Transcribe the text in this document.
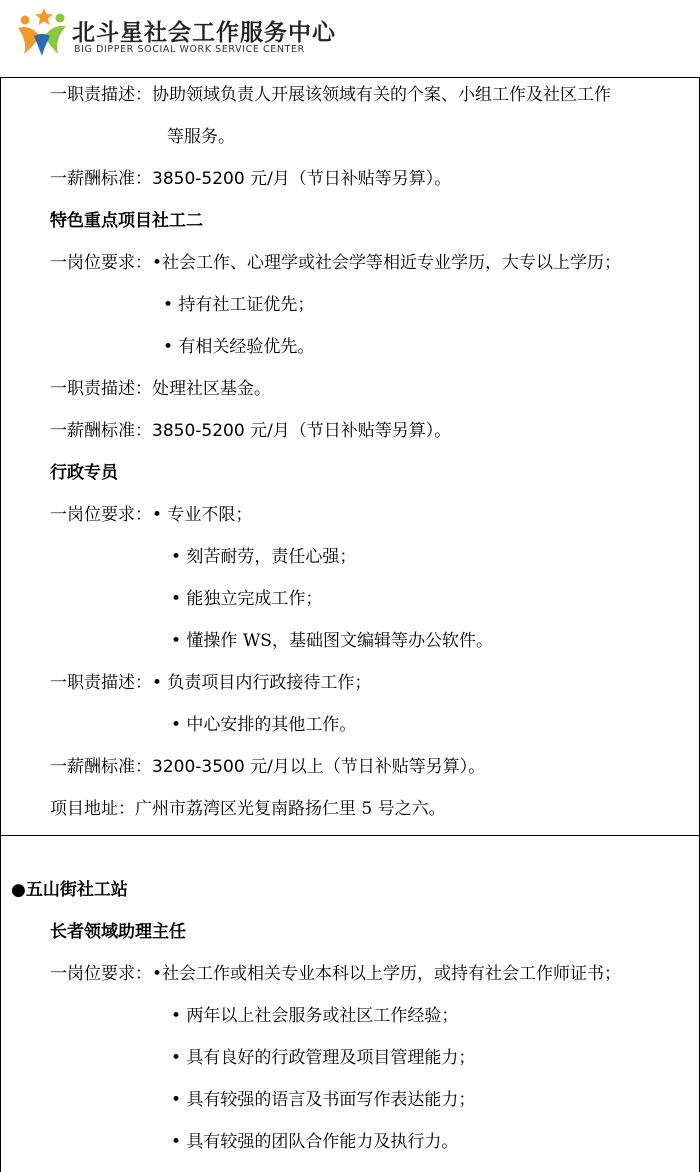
北斗星社会工作服务中心
BIG DIPPER SOCIAL WORK SERVICE CENTER
一职责描述：协助领域负责人开展该领域有关的个案、小组工作及社区工作
等服务。
一薪酬标准：3850-5200 元/月（节日补贴等另算）。
特色重点项目社工二
一岗位要求：•社会工作、心理学或社会学等相近专业学历，大专以上学历；
• 持有社工证优先；
• 有相关经验优先。
一职责描述：处理社区基金。
一薪酬标准：3850-5200 元/月（节日补贴等另算）。
行政专员
一岗位要求：• 专业不限；
• 刻苦耐劳，责任心强；
• 能独立完成工作；
• 懂操作 WS，基础图文编辑等办公软件。
一职责描述：• 负责项目内行政接待工作；
• 中心安排的其他工作。
一薪酬标准：3200-3500 元/月以上（节日补贴等另算）。
项目地址：广州市荔湾区光复南路扬仁里 5 号之六。
●五山街社工站
长者领域助理主任
一岗位要求：•社会工作或相关专业本科以上学历，或持有社会工作师证书；
• 两年以上社会服务或社区工作经验；
• 具有良好的行政管理及项目管理能力；
• 具有较强的语言及书面写作表达能力；
• 具有较强的团队合作能力及执行力。
